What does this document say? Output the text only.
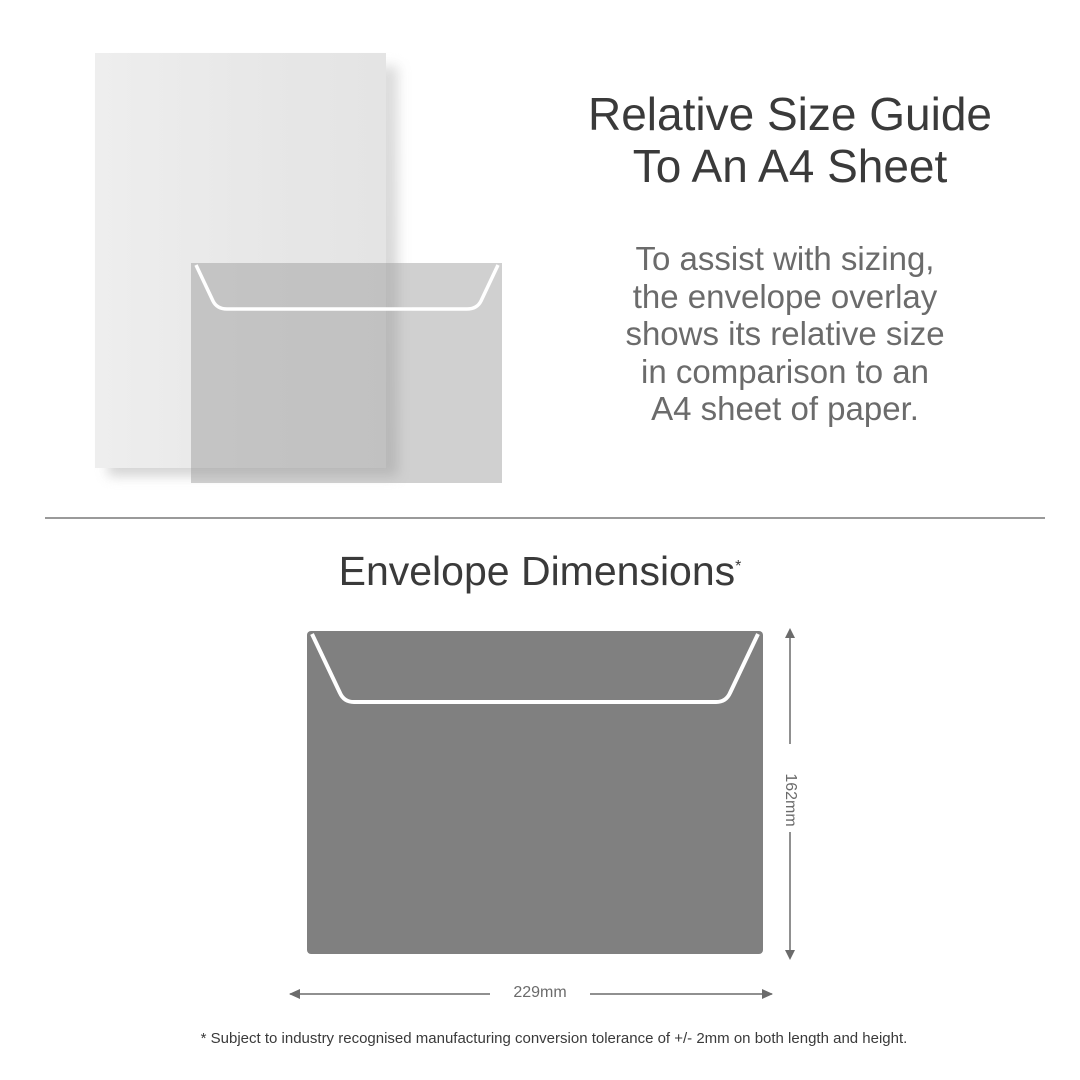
Relative Size Guide
To An A4 Sheet
To assist with sizing,
the envelope overlay
shows its relative size
in comparison to an
A4 sheet of paper.
Envelope Dimensions*
162mm
229mm
* Subject to industry recognised manufacturing conversion tolerance of +/- 2mm on both length and height.
